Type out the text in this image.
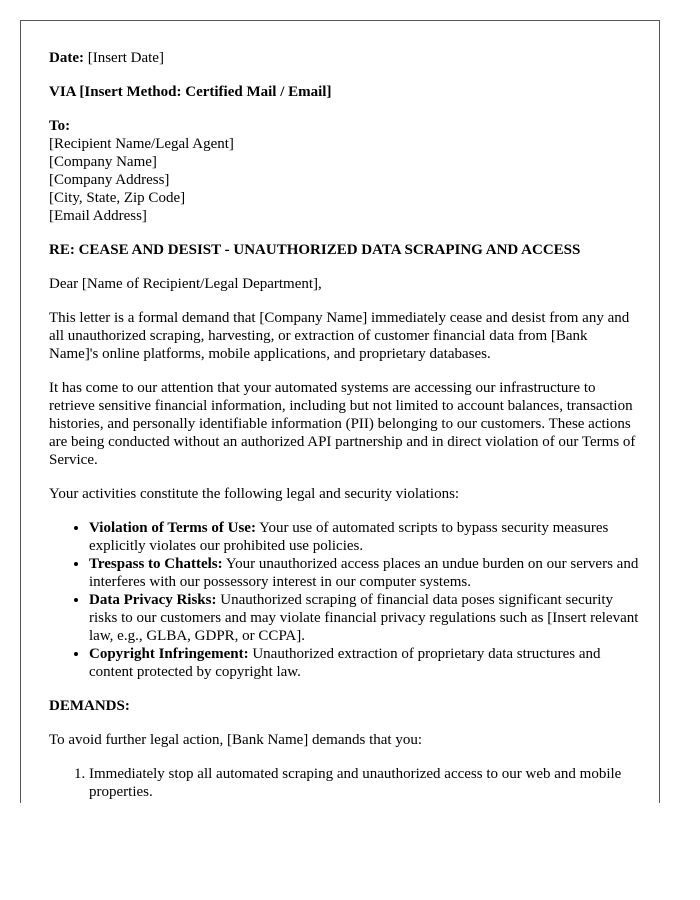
Date: [Insert Date]

VIA [Insert Method: Certified Mail / Email]

To:
[Recipient Name/Legal Agent]
[Company Name]
[Company Address]
[City, State, Zip Code]
[Email Address]

RE: CEASE AND DESIST - UNAUTHORIZED DATA SCRAPING AND ACCESS

Dear [Name of Recipient/Legal Department],

This letter is a formal demand that [Company Name] immediately cease and desist from any and all unauthorized scraping, harvesting, or extraction of customer financial data from [Bank Name]'s online platforms, mobile applications, and proprietary databases.

It has come to our attention that your automated systems are accessing our infrastructure to retrieve sensitive financial information, including but not limited to account balances, transaction histories, and personally identifiable information (PII) belonging to our customers. These actions are being conducted without an authorized API partnership and in direct violation of our Terms of Service.

Your activities constitute the following legal and security violations:

• Violation of Terms of Use: Your use of automated scripts to bypass security measures explicitly violates our prohibited use policies.
• Trespass to Chattels: Your unauthorized access places an undue burden on our servers and interferes with our possessory interest in our computer systems.
• Data Privacy Risks: Unauthorized scraping of financial data poses significant security risks to our customers and may violate financial privacy regulations such as [Insert relevant law, e.g., GLBA, GDPR, or CCPA].
• Copyright Infringement: Unauthorized extraction of proprietary data structures and content protected by copyright law.

DEMANDS:

To avoid further legal action, [Bank Name] demands that you:

1. Immediately stop all automated scraping and unauthorized access to our web and mobile properties.
